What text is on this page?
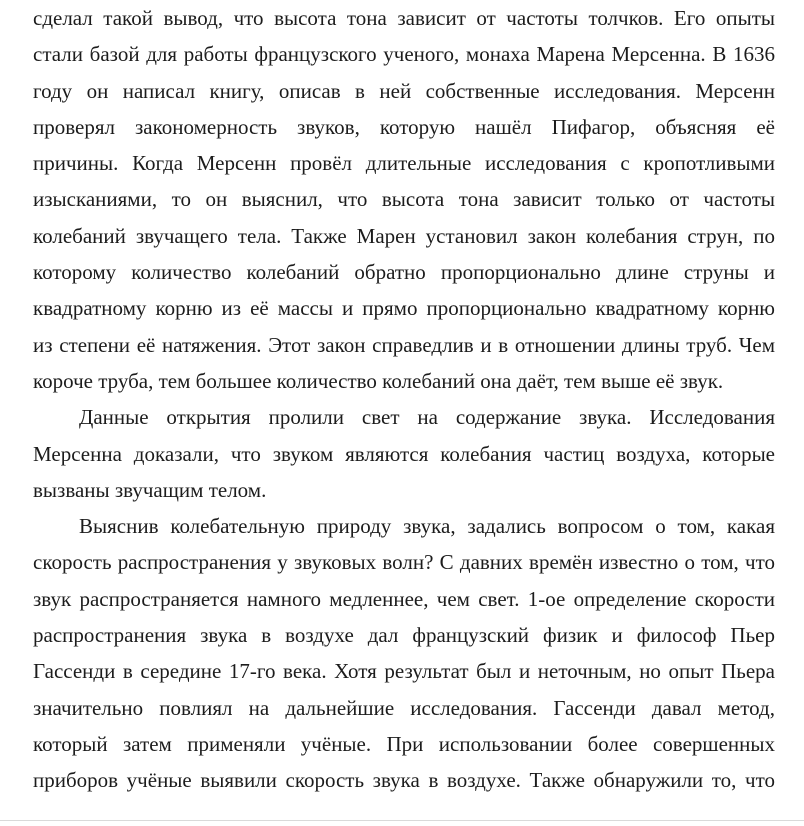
сделал такой вывод, что высота тона зависит от частоты толчков. Его опыты
стали базой для работы французского ученого, монаха Марена Мерсенна. В 1636
году он написал книгу, описав в ней собственные исследования. Мерсенн
проверял закономерность звуков, которую нашёл Пифагор, объясняя её
причины. Когда Мерсенн провёл длительные исследования с кропотливыми
изысканиями, то он выяснил, что высота тона зависит только от частоты
колебаний звучащего тела. Также Марен установил закон колебания струн, по
которому количество колебаний обратно пропорционально длине струны и
квадратному корню из её массы и прямо пропорционально квадратному корню
из степени её натяжения. Этот закон справедлив и в отношении длины труб. Чем
короче труба, тем большее количество колебаний она даёт, тем выше её звук.

Данные открытия пролили свет на содержание звука. Исследования
Мерсенна доказали, что звуком являются колебания частиц воздуха, которые
вызваны звучащим телом.

Выяснив колебательную природу звука, задались вопросом о том, какая
скорость распространения у звуковых волн? С давних времён известно о том, что
звук распространяется намного медленнее, чем свет. 1-ое определение скорости
распространения звука в воздухе дал французский физик и философ Пьер
Гассенди в середине 17-го века. Хотя результат был и неточным, но опыт Пьера
значительно повлиял на дальнейшие исследования. Гассенди давал метод,
который затем применяли учёные. При использовании более совершенных
приборов учёные выявили скорость звука в воздухе. Также обнаружили то, что
